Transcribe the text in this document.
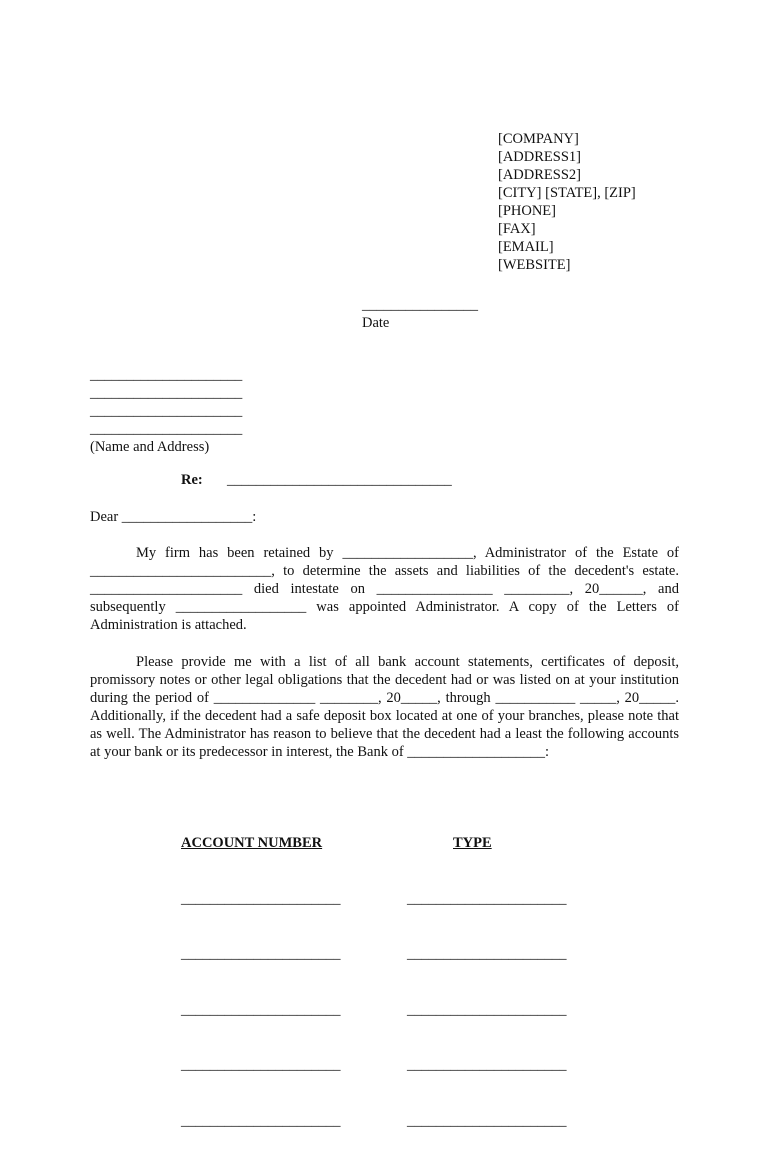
[COMPANY]
[ADDRESS1]
[ADDRESS2]
[CITY] [STATE], [ZIP]
[PHONE]
[FAX]
[EMAIL]
[WEBSITE]
________________
Date
_____________________
_____________________
_____________________
_____________________
(Name and Address)
Re: _______________________________
Dear __________________:
My firm has been retained by __________________, Administrator of the Estate of _________________________, to determine the assets and liabilities of the decedent's estate. _____________________ died intestate on ________________ _________, 20______, and subsequently __________________ was appointed Administrator. A copy of the Letters of Administration is attached.
Please provide me with a list of all bank account statements, certificates of deposit, promissory notes or other legal obligations that the decedent had or was listed on at your institution during the period of ______________ ________, 20_____, through ___________ _____, 20_____. Additionally, if the decedent had a safe deposit box located at one of your branches, please note that as well. The Administrator has reason to believe that the decedent had a least the following accounts at your bank or its predecessor in interest, the Bank of ___________________:

ACCOUNT NUMBER

______________________

______________________

______________________

______________________

______________________

TYPE

______________________

______________________

______________________

______________________

______________________
